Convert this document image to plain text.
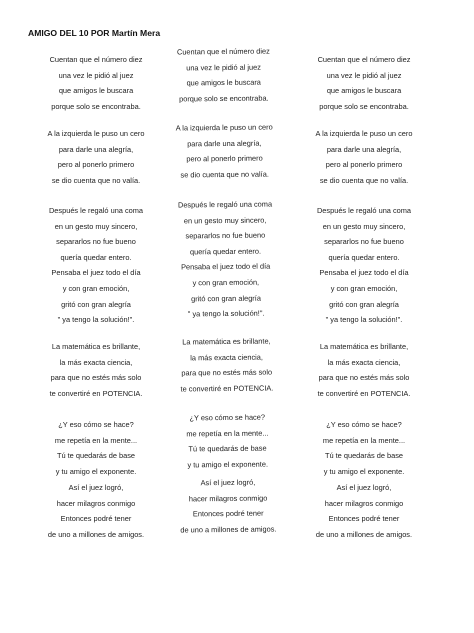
AMIGO DEL 10 POR Martín Mera
Cuentan que el número diez
una vez le pidió al juez
que amigos le buscara
porque solo se encontraba.
A la izquierda le puso un cero
para darle una alegría,
pero al ponerlo primero
se dio cuenta que no valía.
Después le regaló una coma
en un gesto muy sincero,
separarlos no fue bueno
quería quedar entero.
Pensaba el juez todo el día
y con gran emoción,
gritó con gran alegría
" ya tengo la solución!".
La matemática es brillante,
la más exacta ciencia,
para que no estés más solo
te convertiré en POTENCIA.
¿Y eso cómo se hace?
me repetía en la mente...
Tú te quedarás de base
y tu amigo el exponente.
Así el juez logró,
hacer milagros conmigo
Entonces podré tener
de uno a millones de amigos.
Cuentan que el número diez
una vez le pidió al juez
que amigos le buscara
porque solo se encontraba.
A la izquierda le puso un cero
para darle una alegría,
pero al ponerlo primero
se dio cuenta que no valía.
Después le regaló una coma
en un gesto muy sincero,
separarlos no fue bueno
quería quedar entero.
Pensaba el juez todo el día
y con gran emoción,
gritó con gran alegría
" ya tengo la solución!".
La matemática es brillante,
la más exacta ciencia,
para que no estés más solo
te convertiré en POTENCIA.
¿Y eso cómo se hace?
me repetía en la mente...
Tú te quedarás de base
y tu amigo el exponente.
Así el juez logró,
hacer milagros conmigo
Entonces podré tener
de uno a millones de amigos.
Cuentan que el número diez
una vez le pidió al juez
que amigos le buscara
porque solo se encontraba.
A la izquierda le puso un cero
para darle una alegría,
pero al ponerlo primero
se dio cuenta que no valía.
Después le regaló una coma
en un gesto muy sincero,
separarlos no fue bueno
quería quedar entero.
Pensaba el juez todo el día
y con gran emoción,
gritó con gran alegría
" ya tengo la solución!".
La matemática es brillante,
la más exacta ciencia,
para que no estés más solo
te convertiré en POTENCIA.
¿Y eso cómo se hace?
me repetía en la mente...
Tú te quedarás de base
y tu amigo el exponente.
Así el juez logró,
hacer milagros conmigo
Entonces podré tener
de uno a millones de amigos.
